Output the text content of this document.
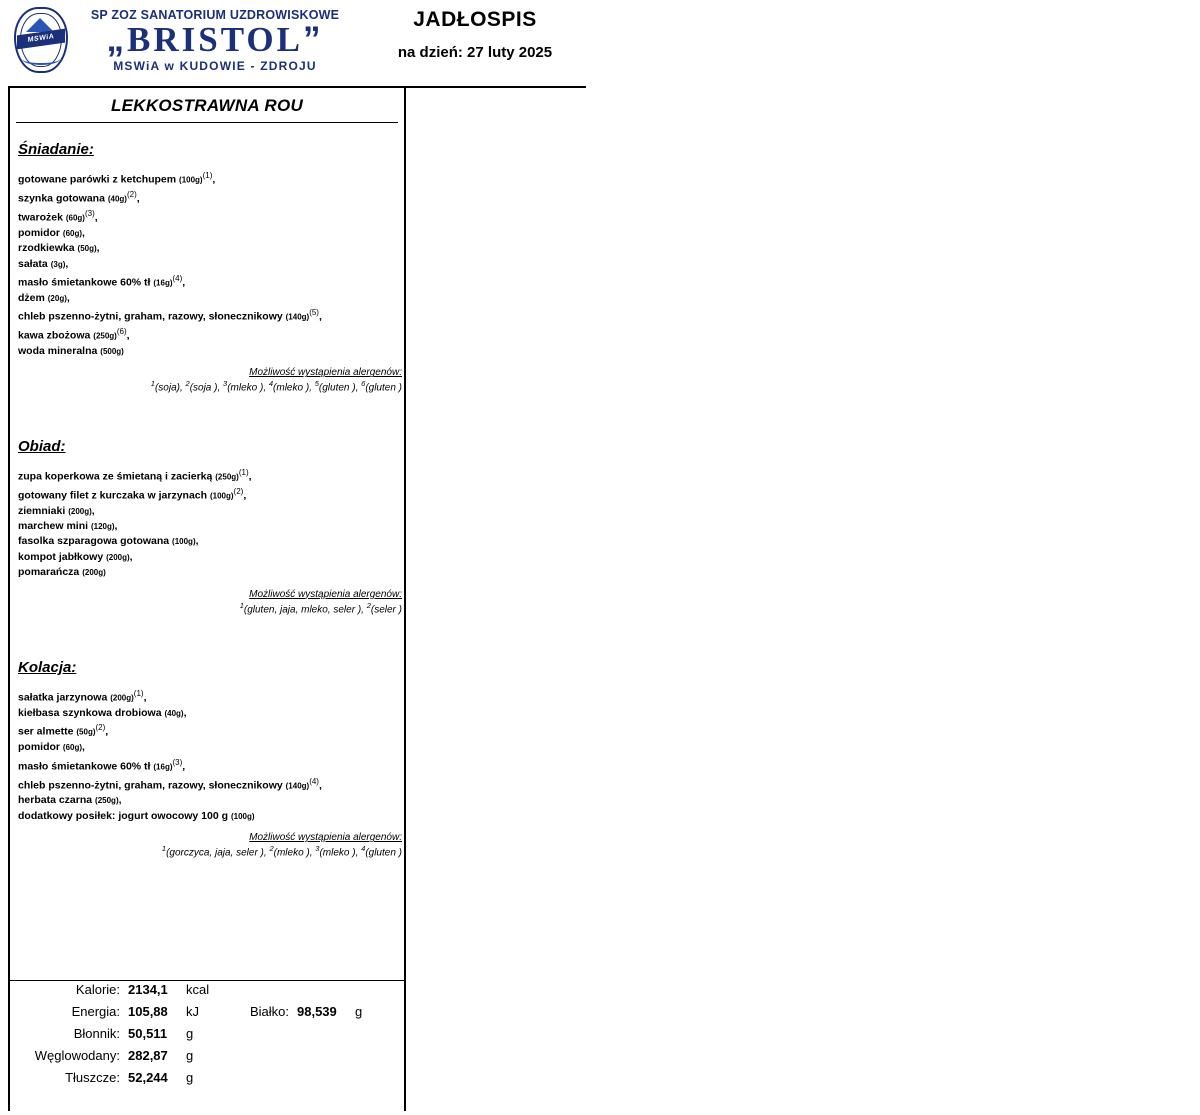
MSWiA
SP ZOZ SANATORIUM UZDROWISKOWE
„BRISTOL”
MSWiA w KUDOWIE - ZDROJU
JADŁOSPIS
na dzień: 27 luty 2025
LEKKOSTRAWNA ROU
Śniadanie:
gotowane parówki z ketchupem $(100g)^{(1)}$,
szynka gotowana $(40g)^{(2)}$,
twarożek $(60g)^{(3)}$,
pomidor (60g),
rzodkiewka (50g),
sałata (3g),
masło śmietankowe 60% tł $(16g)^{(4)}$,
dżem (20g),
chleb pszenno-żytni, graham, razowy, słonecznikowy $(140g)^{(5)}$,
kawa zbożowa $(250g)^{(6)}$,
woda mineralna (500g)
Możliwość wystąpienia alergenów:
$^1$(soja), $^2$(soja ), $^3$(mleko ), $^4$(mleko ), $^5$(gluten ), $^6$(gluten )
Obiad:
zupa koperkowa ze śmietaną i zacierką $(250g)^{(1)}$,
gotowany filet z kurczaka w jarzynach $(100g)^{(2)}$,
ziemniaki (200g),
marchew mini (120g),
fasolka szparagowa gotowana (100g),
kompot jabłkowy (200g),
pomarańcza (200g)
Możliwość wystąpienia alergenów:
$^1$(gluten, jaja, mleko, seler ), $^2$(seler )
Kolacja:
sałatka jarzynowa $(200g)^{(1)}$,
kiełbasa szynkowa drobiowa (40g),
ser almette $(50g)^{(2)}$,
pomidor (60g),
masło śmietankowe 60% tł $(16g)^{(3)}$,
chleb pszenno-żytni, graham, razowy, słonecznikowy $(140g)^{(4)}$,
herbata czarna (250g),
dodatkowy posiłek: jogurt owocowy 100 g (100g)
Możliwość wystąpienia alergenów:
$^1$(gorczyca, jaja, seler ), $^2$(mleko ), $^3$(mleko ), $^4$(gluten )
Kalorie: 2134,1	kcal
Energia: 105,88	kJ	Białko: 98,539	g
Błonnik: 50,511	g
Węglowodany: 282,87	g
Tłuszcze: 52,244	g
